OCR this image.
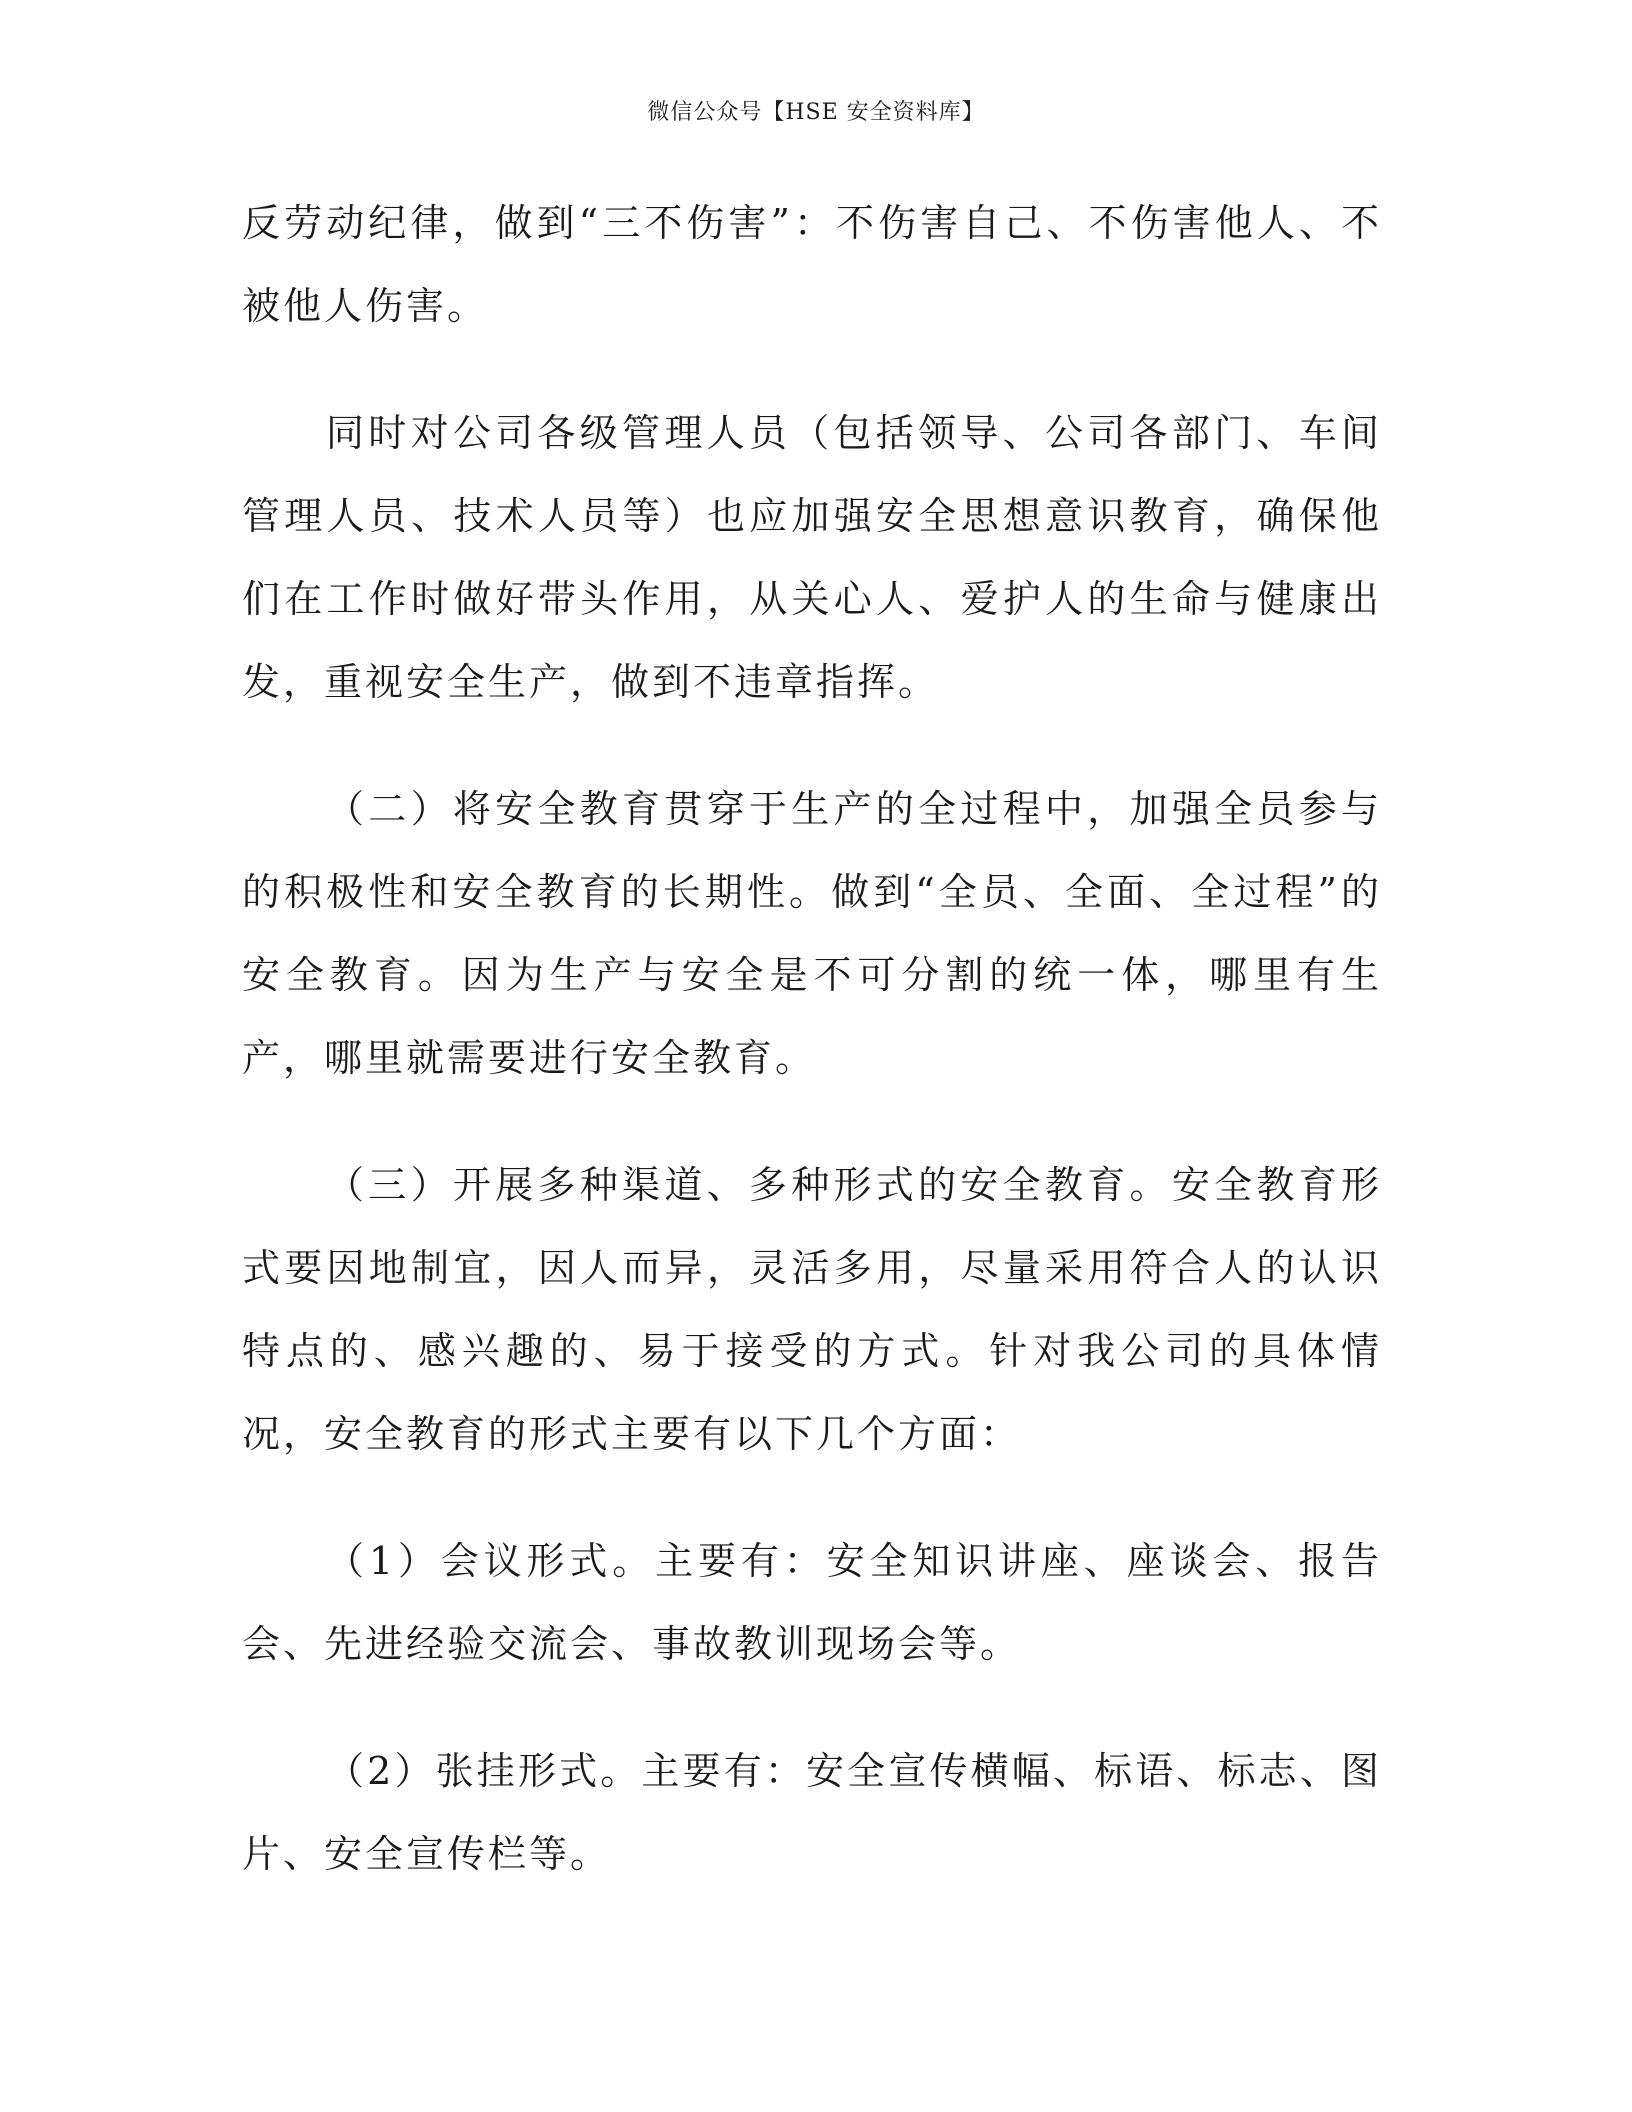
微信公众号【HSE 安全资料库】

反劳动纪律，做到“三不伤害”：不伤害自己、不伤害他人、不被他人伤害。

同时对公司各级管理人员（包括领导、公司各部门、车间管理人员、技术人员等）也应加强安全思想意识教育，确保他们在工作时做好带头作用，从关心人、爱护人的生命与健康出发，重视安全生产，做到不违章指挥。

（二）将安全教育贯穿于生产的全过程中，加强全员参与的积极性和安全教育的长期性。做到“全员、全面、全过程”的安全教育。因为生产与安全是不可分割的统一体，哪里有生产，哪里就需要进行安全教育。

（三）开展多种渠道、多种形式的安全教育。安全教育形式要因地制宜，因人而异，灵活多用，尽量采用符合人的认识特点的、感兴趣的、易于接受的方式。针对我公司的具体情况，安全教育的形式主要有以下几个方面：

（1）会议形式。主要有：安全知识讲座、座谈会、报告会、先进经验交流会、事故教训现场会等。

（2）张挂形式。主要有：安全宣传横幅、标语、标志、图片、安全宣传栏等。
